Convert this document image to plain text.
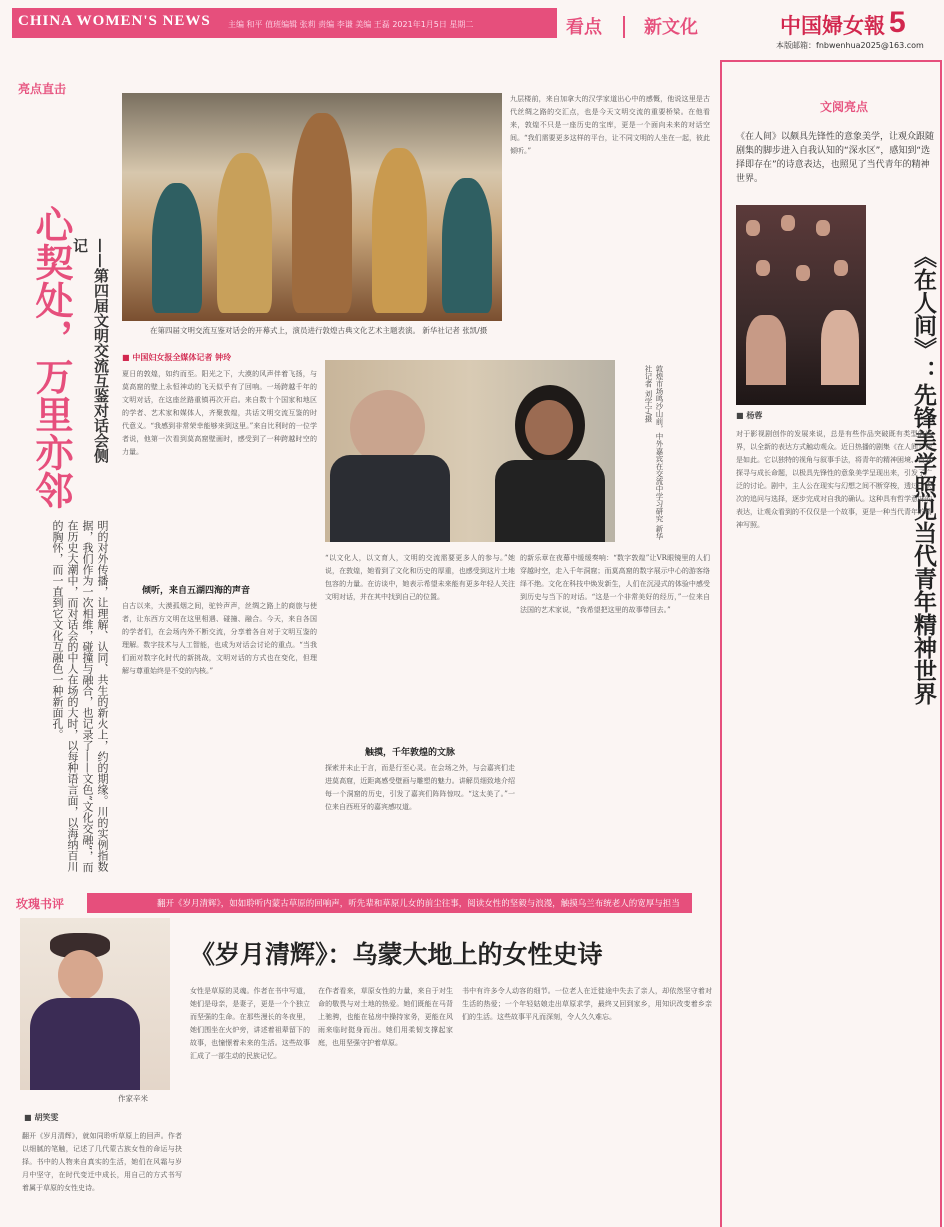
CHINA WOMEN'S NEWS 主编 和平 值班编辑 张莉 责编 李谦 美编 王磊 2021年1月5日 星期二	看点 新文化	中国婦女報 5
本版邮箱：fnbwenhua2025@163.com
亮点直击
心契处，万里亦邻	——第四届文明交流互鉴对话会侧记
明的对外传播，让理解、认同、共生的新火上，约的期缘。川的实例指数据，我们作为一次相维，碰撞与融合，也记录了——文色“文化交融”，而在历史大潮中，而对话会的中人在场的大时，以每种语言面，以海纳百川的胸怀，而一直到它文化互融色一种新面孔。
在第四届文明交流互鉴对话会的开幕式上，演员进行敦煌古典文化艺术主题表演。 新华社记者 张凯/摄
■ 中国妇女报全媒体记者 钟玲
夏日的敦煌，如约而至。阳光之下，大漠的风声伴着飞扬，与莫高窟的壁上永恒神动的飞天似乎有了回响。一场跨越千年的文明对话，在这座丝路重镇再次开启。来自数十个国家和地区的学者、艺术家和媒体人，齐聚敦煌，共话文明交流互鉴的时代意义。“我感到非常荣幸能够来到这里。”来自比利时的一位学者说，他第一次看到莫高窟壁画时，感受到了一种跨越时空的力量。
倾听，来自五湖四海的声音
自古以来，大漠孤烟之间，驼铃声声，丝绸之路上的商旅与使者，让东西方文明在这里相遇、碰撞、融合。今天，来自各国的学者们，在会场内外不断交流，分享着各自对于文明互鉴的理解。数字技术与人工智能，也成为对话会讨论的重点。“当我们面对数字化时代的新挑战，文明对话的方式也在变化，但理解与尊重始终是不变的内核。”
敦煌市场鸣沙山前，中外嘉宾在交流中学习研究 新华社记者 刘学宁/摄
“以文化人，以文育人，文明的交流需要更多人的参与。”她说，在敦煌，她看到了文化和历史的厚重，也感受到这片土地包容的力量。在访谈中，她表示希望未来能有更多年轻人关注文明对话，并在其中找到自己的位置。
触摸，千年敦煌的文脉
探索并未止于言，而是行至心灵。在会场之外，与会嘉宾们走进莫高窟，近距离感受壁画与雕塑的魅力。讲解员细致地介绍每一个洞窟的历史，引发了嘉宾们阵阵惊叹。“这太美了。”一位来自西班牙的嘉宾感叹道。
九层楼前，来自加拿大的汉学家道出心中的感慨，他说这里是古代丝绸之路的交汇点，也是今天文明交流的重要桥梁。在他看来，敦煌不只是一座历史的宝库，更是一个面向未来的对话空间。“我们需要更多这样的平台，让不同文明的人坐在一起，彼此倾听。”
的新乐章在夜幕中缓缓奏响：“数字敦煌”让VR眼镜里的人们穿越时空，走入千年洞窟；而莫高窟的数字展示中心的游客络绎不绝。文化在科技中焕发新生，人们在沉浸式的体验中感受到历史与当下的对话。“这是一个非常美好的经历，”一位来自法国的艺术家说，“我希望把这里的故事带回去。”
文阅亮点
《在人间》以颇具先锋性的意象美学，让观众跟随剧集的脚步进入自我认知的“深水区”，感知到“选择即存在”的诗意表达，也照见了当代青年的精神世界。
《在人间》：先锋美学照见当代青年精神世界
■ 杨蓉
对于影视剧创作的发展来说，总是有些作品突破既有类型的边界，以全新的表达方式触动观众。近日热播的剧集《在人间》便是如此。它以独特的视角与叙事手法，将青年的精神困境、自我探寻与成长命题，以极具先锋性的意象美学呈现出来，引发了广泛的讨论。剧中，主人公在现实与幻想之间不断穿梭，透过一次次的追问与选择，逐步完成对自我的确认。这种具有哲学意味的表达，让观众看到的不仅仅是一个故事，更是一种当代青年的精神写照。
翻开《岁月清辉》，如如聆听内蒙古草原的回响声，听先辈和草原儿女的前尘往事，阅读女性的坚毅与浪漫，触摸乌兰布统老人的宽厚与担当
玫瑰书评
《岁月清辉》：乌蒙大地上的女性史诗
作家辛米
■ 胡笑雯
翻开《岁月清辉》，就如同聆听草原上的回声。作者以细腻的笔触，记述了几代蒙古族女性的命运与抉择。书中的人物来自真实的生活，她们在风霜与岁月中坚守，在时代变迁中成长，用自己的方式书写着属于草原的女性史诗。
女性是草原的灵魂。作者在书中写道，她们是母亲，是妻子，更是一个个独立而坚强的生命。在那些漫长的冬夜里，她们围坐在火炉旁，讲述着祖辈留下的故事，也憧憬着未来的生活。这些故事汇成了一部生动的民族记忆。
在作者看来，草原女性的力量，来自于对生命的敬畏与对土地的热爱。她们既能在马背上驰骋，也能在毡房中操持家务，更能在风雨来临时挺身而出。她们用柔韧支撑起家庭，也用坚强守护着草原。
书中有许多令人动容的细节。一位老人在迁徙途中失去了亲人，却依然坚守着对生活的热爱；一个年轻姑娘走出草原求学，最终又回到家乡，用知识改变着乡亲们的生活。这些故事平凡而深刻，令人久久难忘。
